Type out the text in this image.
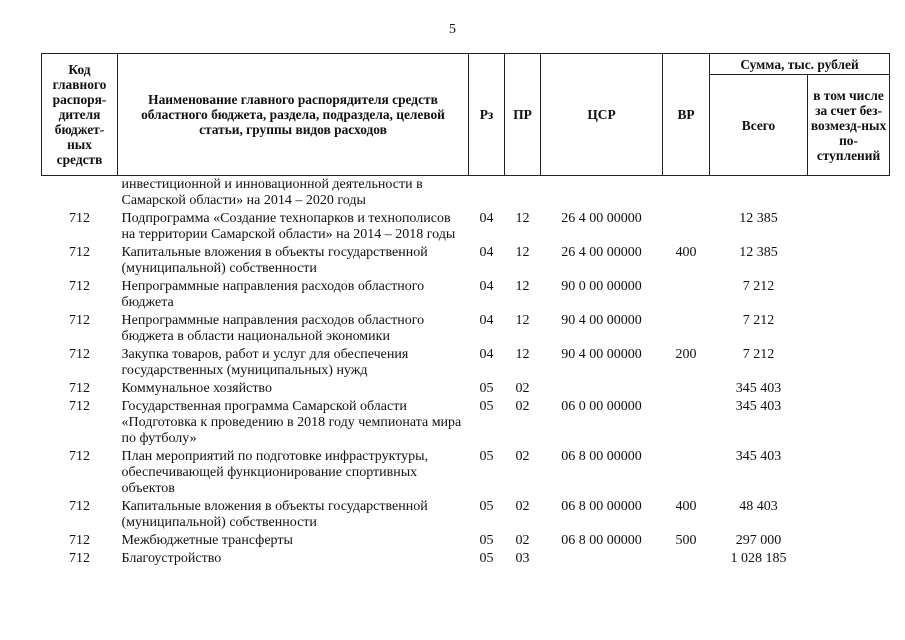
5
Код главного распоря-дителя бюджет-ных средств	Наименование главного распорядителя средств областного бюджета, раздела, подраздела, целевой статьи, группы видов расходов	Рз	ПР	ЦСР	ВР	Сумма, тыс. рублей	
						Всего	в том числе за счет без-возмезд-ных по-ступлений
	инвестиционной и инновационной деятельности в Самарской области» на 2014 – 2020 годы						
712	Подпрограмма «Создание технопарков и технополисов на территории Самарской области» на 2014 – 2018 годы	04	12	26 4 00 00000		12 385	
712	Капитальные вложения в объекты государственной (муниципальной) собственности	04	12	26 4 00 00000	400	12 385	
712	Непрограммные направления расходов областного бюджета	04	12	90 0 00 00000		7 212	
712	Непрограммные направления расходов областного бюджета в области национальной экономики	04	12	90 4 00 00000		7 212	
712	Закупка товаров, работ и услуг для обеспечения государственных (муниципальных) нужд	04	12	90 4 00 00000	200	7 212	
712	Коммунальное хозяйство	05	02			345 403	
712	Государственная программа Самарской области «Подготовка к проведению в 2018 году чемпионата мира по футболу»	05	02	06 0 00 00000		345 403	
712	План мероприятий по подготовке инфраструктуры, обеспечивающей функционирование спортивных объектов	05	02	06 8 00 00000		345 403	
712	Капитальные вложения в объекты государственной (муниципальной) собственности	05	02	06 8 00 00000	400	48 403	
712	Межбюджетные трансферты	05	02	06 8 00 00000	500	297 000	
712	Благоустройство	05	03			1 028 185	
